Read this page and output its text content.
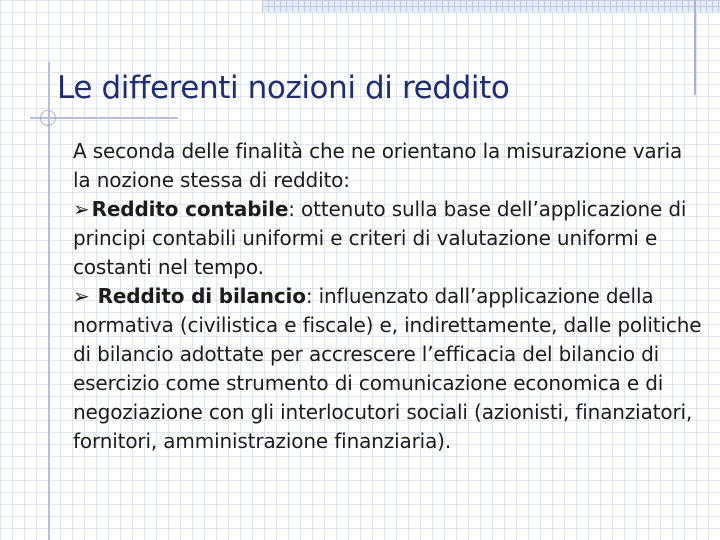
Le differenti nozioni di reddito

A seconda delle finalità che ne orientano la misurazione varia la nozione stessa di reddito:

➢ Reddito contabile: ottenuto sulla base dell’applicazione di principi contabili uniformi e criteri di valutazione uniformi e costanti nel tempo.

➢ Reddito di bilancio: influenzato dall’applicazione della normativa (civilistica e fiscale) e, indirettamente, dalle politiche di bilancio adottate per accrescere l’efficacia del bilancio di esercizio come strumento di comunicazione economica e di negoziazione con gli interlocutori sociali (azionisti, finanziatori, fornitori, amministrazione finanziaria).
